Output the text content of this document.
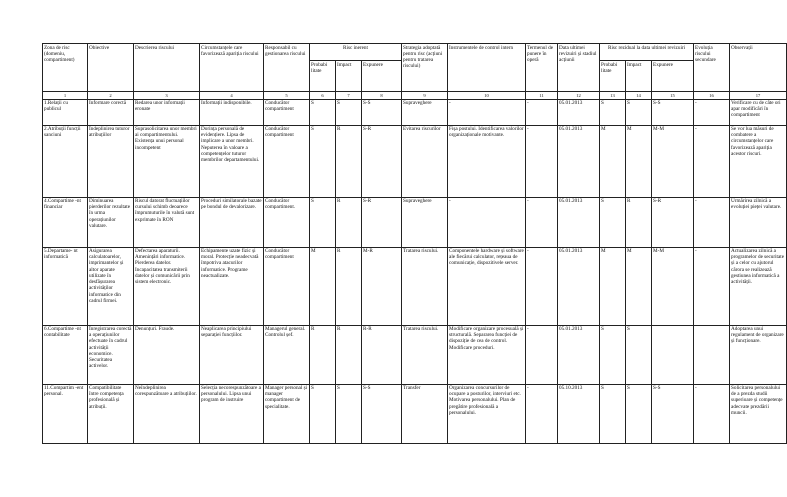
Zona de risc (domeniu, compartiment)	Obiective	Descrierea riscului	Circumstanțele care favorizează apariția riscului	Responsabil cu gestionarea riscului	Risc inerent			Strategia adoptată pentru risc (acțiuni pentru tratarea riscului)	Instrumentele de control intern	Termenul de punere în operă	Data ultimei revizuiri și stadiul acțiunii	Risc rezidual la data ultimei revizuiri			Evoluția riscului secundare	Observații
					Probabi litate	Impact	Expunere					Probabi litate	Impact	Expunere		
1	2	3	4	5	6	7	8	9	10	11	12	13	14	15	16	17
1.Relații cu publicul	Informare corectă	Redarea unor informații eronate	Informații indisponibile.	Conducător compartiment	S	S	S-S	Supraveghere	-	-	05.01.2013	S	S	S-S	-	Verificare cu de câte ori apar modificări în compartiment
2.Atribuții funcții sanciuni	Îndeplinirea tuturor atribuțiilor	Suprasolicitarea unor membri ai compartimentului. Existența unui personal incompetent	Dorința personală de evidențiere. Lipsa de implicare a unor membri. Neputerea în valoare a competențelor tuturor membrilor departamentului.	Conducător compartiment	S	R	S-R	Evitarea riscurilor	Fișa postului. Identificarea valorilor organizaționale motivante.	-	05.01.2013	M	M	M-M	-	Se vor lua măsuri de combatere a circumstanțelor care favorizează apariția acestor riscuri.
4.Compartime -nt financiar	Diminuarea pierderilor rezultate în urma operațiunilor valutare.	Riscul datorat fluctuațiilor cursului schimb deoarece împrumuturile în valută sunt exprimate în RON	Proceduri similatorale bazate pe bondul de devalorizare.	Conducător compartiment.	S	R	S-R	Supraveghere	-	-	05.01.2013	S	R	S-R	-	Urmărirea zilnică a evoluției pieței valutare.
5.Departame- nt informatică	Asigurarea calculatoarelor, imprimantelor și altor aparate utilizate în desfășurarea activităților informatice din cadrul firmei.	Defectarea aparaturii. Amenințări informatice. Pierderea datelor. Incapacitatea transmiterii datelor și comunicării prin sistem electronic.	Echipamente uzate fizic și moral. Protecție neadecvată împotriva atacurilor informatice. Programe neactualizate.	Conducător compartiment	M	R	M-R	Tratarea riscului.	Componentele hardware și software ale fiecărui calculator, rețeaua de comunicație, dispozitivele server.	-	05.01.2013	M	M	M-M	-	Actualizarea zilnică a programelor de securitate și a celor cu ajutorul cărora se realizează gestiunea informatică a activității.
6.Compartime -nt contabilitate	Înregistrarea corectă a operațiunilor efectuate în cadrul activității economice. Securitatea activelor.	Denunțuri. Fraude.	Neaplicarea principiului separației funcțiilor.	Managerul general. Controlul șef.	R	R	R-R	Tratarea riscului.	Modificare organizare procesuală și structurală. Separarea funcției de dispoziție de cea de control. Modificare proceduri.	-	05.01.2013	S	S			Adoptarea unui regulament de organizare și funcționare.
11.Compartim -ent personal.	Compatibilitate între competența profesională și atribuții.	Neîndeplinirea corespunzătoare a atribuțiilor.	Selecția necorespunzătoare a personalului. Lipsa unui program de instruire	Manager personal și manager compartiment de specialitate.	S	S	S-S	Transfer	Organizarea concursurilor de ocupare a posturilor, interviuri etc. Motivarea personalului. Plan de pregătire profesională a personalului.	-	05.10.2013	S	S	S-S	-	Solicitarea personalului de a prezda studii superioare și competențe adecvate prezdării muncii.
